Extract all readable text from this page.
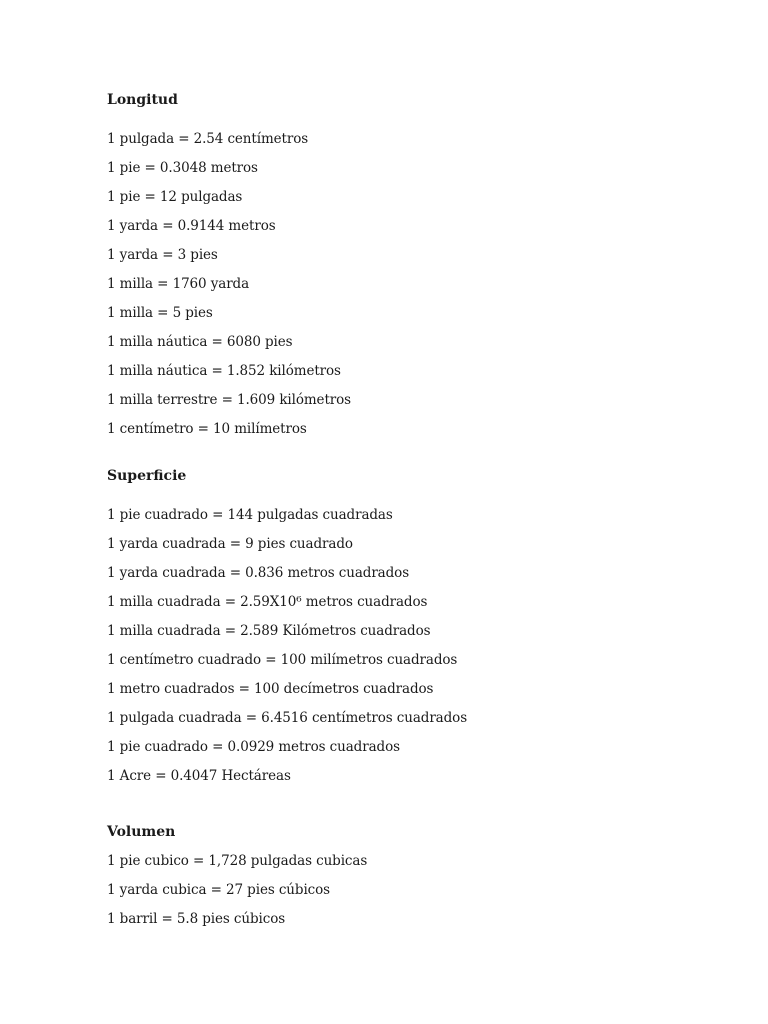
Longitud

1 pulgada = 2.54 centímetros

1 pie = 0.3048 metros

1 pie = 12 pulgadas

1 yarda = 0.9144 metros

1 yarda = 3 pies

1 milla = 1760 yarda

1 milla = 5 pies

1 milla náutica = 6080 pies

1 milla náutica = 1.852 kilómetros

1 milla terrestre = 1.609 kilómetros

1 centímetro = 10 milímetros

Superficie

1 pie cuadrado = 144 pulgadas cuadradas

1 yarda cuadrada = 9 pies cuadrado

1 yarda cuadrada = 0.836 metros cuadrados

1 milla cuadrada = 2.59X10⁶ metros cuadrados

1 milla cuadrada = 2.589 Kilómetros cuadrados

1 centímetro cuadrado = 100 milímetros cuadrados

1 metro cuadrados = 100 decímetros cuadrados

1 pulgada cuadrada = 6.4516 centímetros cuadrados

1 pie cuadrado = 0.0929 metros cuadrados

1 Acre = 0.4047 Hectáreas

Volumen

1 pie cubico = 1,728 pulgadas cubicas

1 yarda cubica = 27 pies cúbicos

1 barril = 5.8 pies cúbicos
